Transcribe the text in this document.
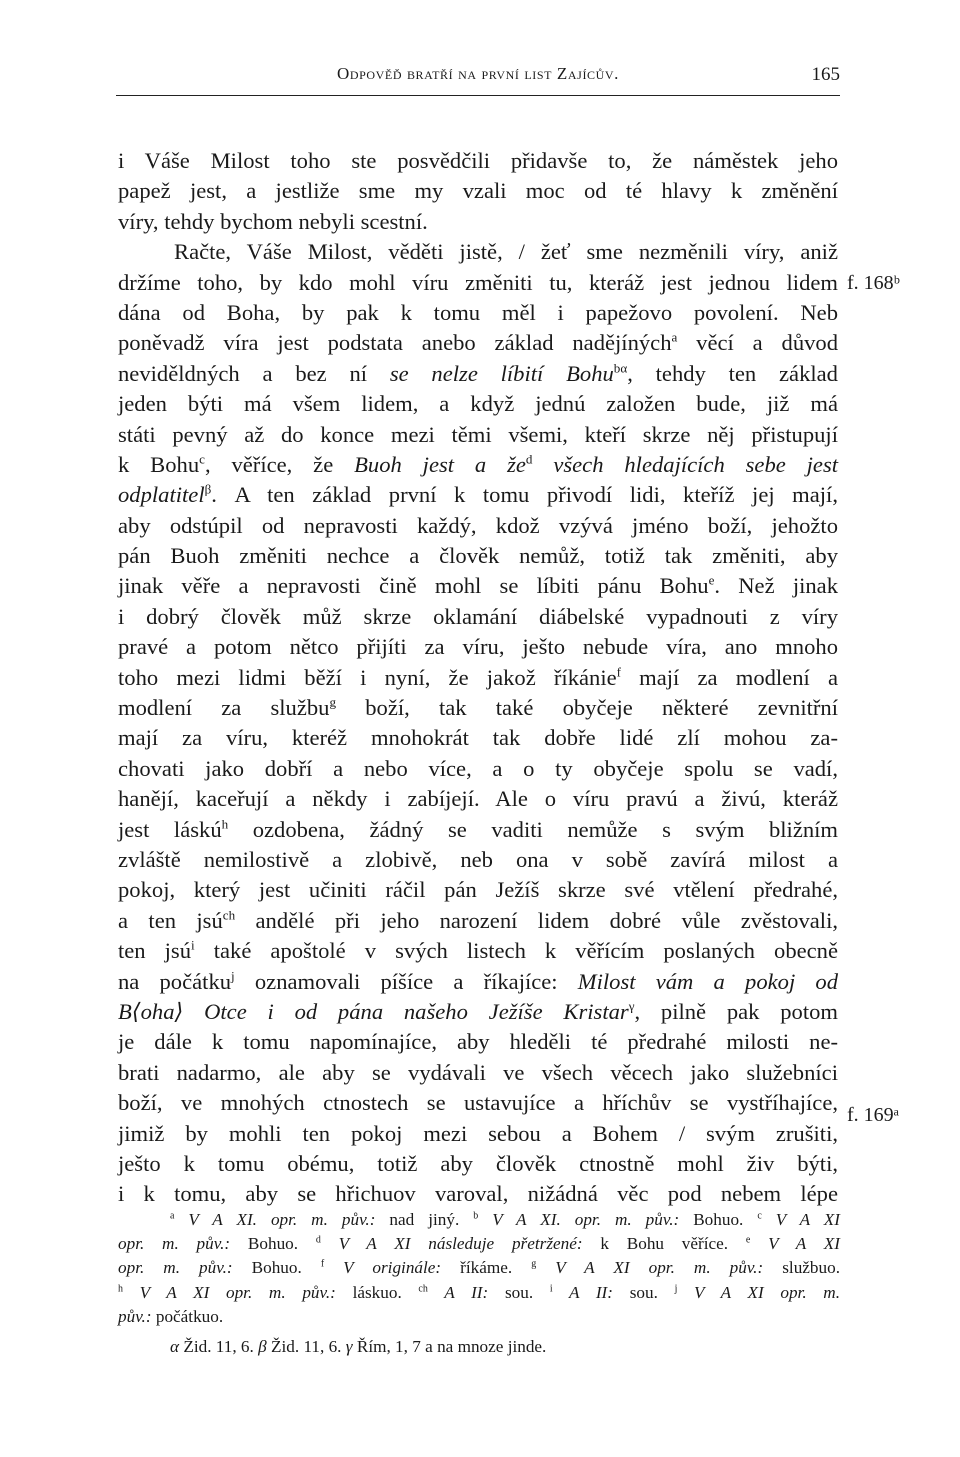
Odpověď bratří na první list Zajícův.	165
f. 168ᵇ
f. 169ᵃ
i Váše Milost toho ste posvědčili přidavše to, že náměstek jeho
papež jest, a jestliže sme my vzali moc od té hlavy k změnění
víry, tehdy bychom nebyli scestní.
Račte, Váše Milost, věděti jistě, / žeť sme nezměnili víry, aniž
držíme toho, by kdo mohl víru změniti tu, kteráž jest jednou lidem
dána od Boha, by pak k tomu měl i papežovo povolení. Neb
poněvadž víra jest podstata anebo základ nadějíných$^a$ věcí a důvod
neviděldných a bez ní se nelze líbití Bohu$^{b\alpha}$, tehdy ten základ
jeden býti má všem lidem, a když jednú založen bude, již má
státi pevný až do konce mezi těmi všemi, kteří skrze něj přistupují
k Bohu$^c$, věříce, že Buoh jest a $že^d$ všech hledajících sebe jest
odplatitel$^\beta$. A ten základ první k tomu přivodí lidi, kteříž jej mají,
aby odstúpil od nepravosti každý, kdož vzývá jméno boží, jehožto
pán Buoh změniti nechce a člověk nemůž, totiž tak změniti, aby
jinak věře a nepravosti čině mohl se líbiti pánu Bohu$^e$. Než jinak
i dobrý člověk můž skrze oklamání diábelské vypadnouti z víry
pravé a potom nětco přijíti za víru, ješto nebude víra, ano mnoho
toho mezi lidmi běží i nyní, že jakož říkánie$^f$ mají za modlení a
modlení za službu$^g$ boží, tak také obyčeje některé zevnitřní
mají za víru, kteréž mnohokrát tak dobře lidé zlí mohou za-
chovati jako dobří a nebo více, a o ty obyčeje spolu se vadí,
hanějí, kaceřují a někdy i zabíjejí. Ale o víru pravú a živú, kteráž
jest láskú$^h$ ozdobena, žádný se vaditi nemůže s svým bližním
zvláště nemilostivě a zlobivě, neb ona v sobě zavírá milost a
pokoj, který jest učiniti ráčil pán Ježíš skrze své vtělení předrahé,
a ten jsú$^{ch}$ andělé při jeho narození lidem dobré vůle zvěstovali,
ten jsú$^i$ také apoštolé v svých listech k věřícím poslaných obecně
na počátku$^j$ oznamovali píšíce a říkajíce: Milost vám a pokoj od
B⟨oha⟩ Otce i od pána našeho Ježíše Kristar$^\gamma$, pilně pak potom
je dále k tomu napomínajíce, aby hleděli té předrahé milosti ne-
brati nadarmo, ale aby se vydávali ve všech věcech jako služebníci
boží, ve mnohých ctnostech se ustavujíce a hříchův se vystříhajíce,
jimiž by mohli ten pokoj mezi sebou a Bohem / svým zrušiti,
ješto k tomu obému, totiž aby člověk ctnostně mohl živ býti,
i k tomu, aby se hřichuov varoval, nižádná věc pod nebem lépe
$^a$ V A XI. opr. m. pův.: nad jiný. $^b$ V A XI. opr. m. pův.: Bohuo. $^c$ V A XI
opr. m. pův.: Bohuo. $^d$ V A XI následuje přetržené: k Bohu věříce. $^e$ V A XI
opr. m. pův.: Bohuo. $^f$ V originále: říkáme. $^g$ V A XI opr. m. pův.: službuo.
$^h$ V A XI opr. m. pův.: láskuo. $^{ch}$ A II: sou. $^i$ A II: sou. $^j$ V A XI opr. m.
pův.: počátkuo.
α Žid. 11, 6. β Žid. 11, 6. γ Řím, 1, 7 a na mnoze jinde.
